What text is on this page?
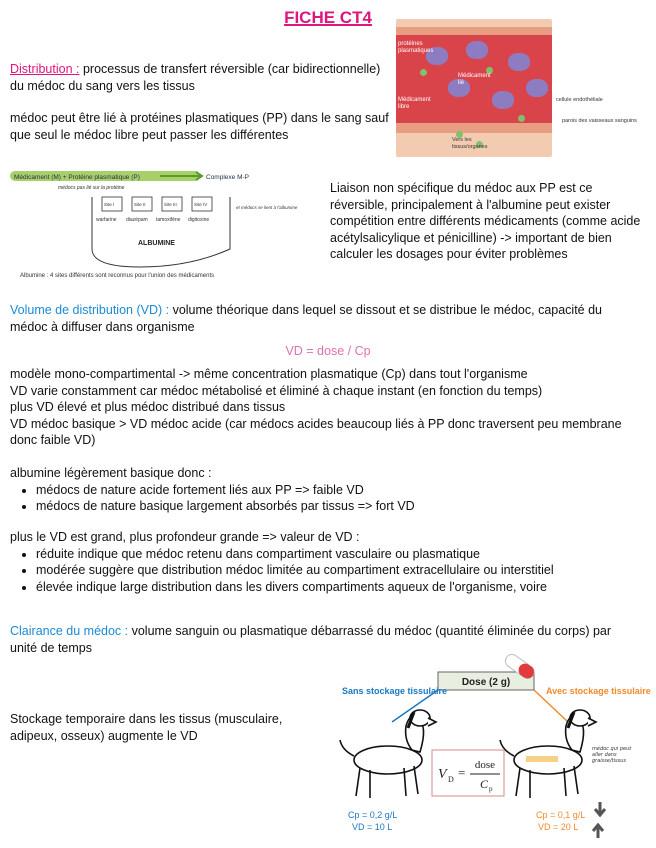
FICHE CT4
Distribution : processus de transfert réversible (car bidirectionnelle) du médoc du sang vers les tissus
médoc peut être lié à protéines plasmatiques (PP) dans le sang sauf que seul le médoc libre peut passer les différentes
protéines plasmatiques
Médicament lié
Médicament libre
Vers les tissus/organes
cellule endothéliale
parois des vaisseaux sanguins
Médicament (M) + Protéine plasmatique (P)	Complexe M-P
médocs pas lié sur la protéine
Site I	Site II	Site III	Site IV
warfarine diazépam tamoxifène digitoxine
ALBUMINE
et médocs se lient à l'albumine
Albumine : 4 sites différents sont reconnus pour l'union des médicaments
Liaison non spécifique du médoc aux PP est ce réversible, principalement à l'albumine peut exister compétition entre différents médicaments (comme acide acétylsalicylique et pénicilline) -> important de bien calculer les dosages pour éviter problèmes
Volume de distribution (VD) : volume théorique dans lequel se dissout et se distribue le médoc, capacité du médoc à diffuser dans organisme
VD = dose / Cp
modèle mono-compartimental -> même concentration plasmatique (Cp) dans tout l'organisme
VD varie constamment car médoc métabolisé et éliminé à chaque instant (en fonction du temps)
plus VD élevé et plus médoc distribué dans tissus
VD médoc basique > VD médoc acide (car médocs acides beaucoup liés à PP donc traversent peu membrane donc faible VD)
albumine légèrement basique donc :
• médocs de nature acide fortement liés aux PP => faible VD
• médocs de nature basique largement absorbés par tissus => fort VD
plus le VD est grand, plus profondeur grande => valeur de VD :
• réduite indique que médoc retenu dans compartiment vasculaire ou plasmatique
• modérée suggère que distribution médoc limitée au compartiment extracellulaire ou interstitiel
• élevée indique large distribution dans les divers compartiments aqueux de l'organisme, voire
Clairance du médoc : volume sanguin ou plasmatique débarrassé du médoc (quantité éliminée du corps) par unité de temps
Stockage temporaire dans les tissus (musculaire, adipeux, osseux) augmente le VD
Dose (2 g)
Sans stockage tissulaire	Avec stockage tissulaire
V D = dose
C p
Cp = 0,2 g/L
VD = 10 L
Cp = 0,1 g/L
VD = 20 L
médoc qui peut aller dans graisse/tissus
